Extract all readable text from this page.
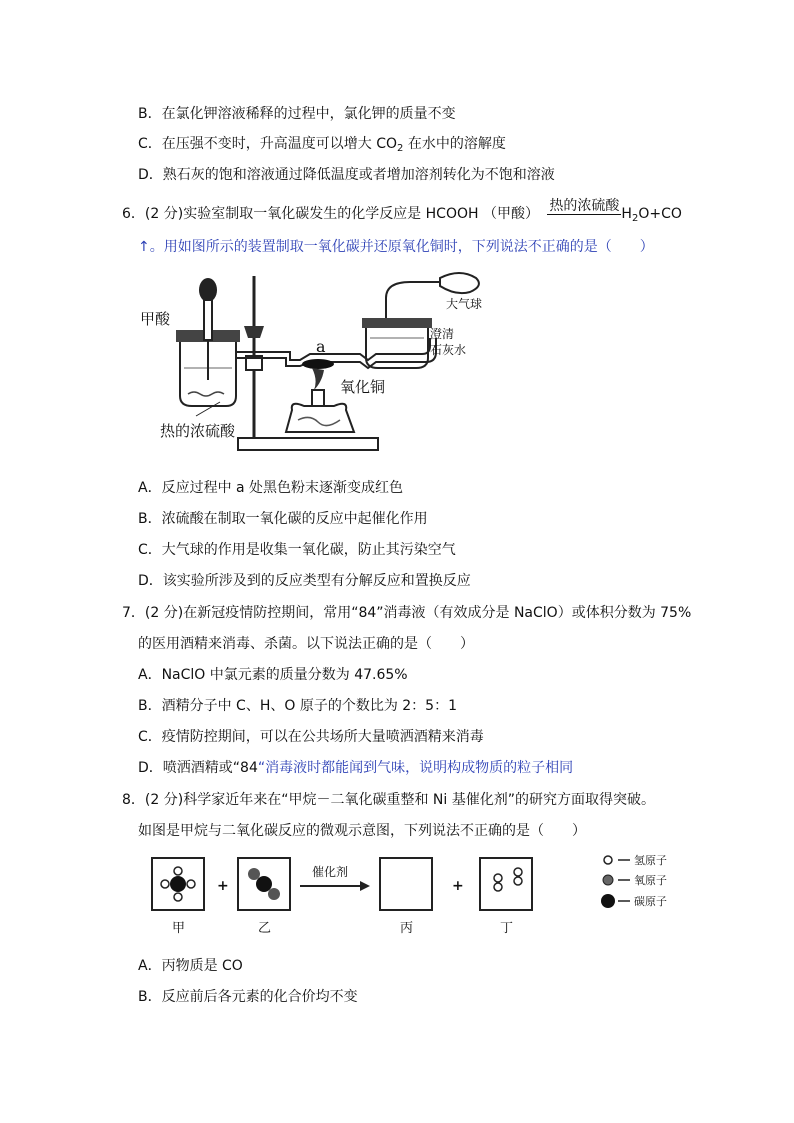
B．在氯化钾溶液稀释的过程中，氯化钾的质量不变
C．在压强不变时，升高温度可以增大 $CO_2$ 在水中的溶解度
D．熟石灰的饱和溶液通过降低温度或者增加溶剂转化为不饱和溶液
6．(2 分)实验室制取一氧化碳发生的化学反应是 HCOOH （甲酸） 热的浓硫酸 $H_2O+CO$
↑。用如图所示的装置制取一氧化碳并还原氧化铜时，下列说法不正确的是（　　）
甲酸
大气球
澄清
石灰水
a
氧化铜
热的浓硫酸
A．反应过程中 a 处黑色粉末逐渐变成红色
B．浓硫酸在制取一氧化碳的反应中起催化作用
C．大气球的作用是收集一氧化碳，防止其污染空气
D．该实验所涉及到的反应类型有分解反应和置换反应
7．(2 分)在新冠疫情防控期间，常用“84”消毒液（有效成分是 NaClO）或体积分数为 75%
的医用酒精来消毒、杀菌。以下说法正确的是（　　）
A．NaClO 中氯元素的质量分数为 47.65%
B．酒精分子中 C、H、O 原子的个数比为 2：5：1
C．疫情防控期间，可以在公共场所大量喷洒酒精来消毒
D．喷洒酒精或“84“消毒液时都能闻到气味，说明构成物质的粒子相同
8．(2 分)科学家近年来在“甲烷－二氧化碳重整和 Ni 基催化剂”的研究方面取得突破。
如图是甲烷与二氧化碳反应的微观示意图，下列说法不正确的是（　　）
+
催化剂
+
甲	乙	丙	丁
氢原子
氧原子
碳原子
A．丙物质是 CO
B．反应前后各元素的化合价均不变
